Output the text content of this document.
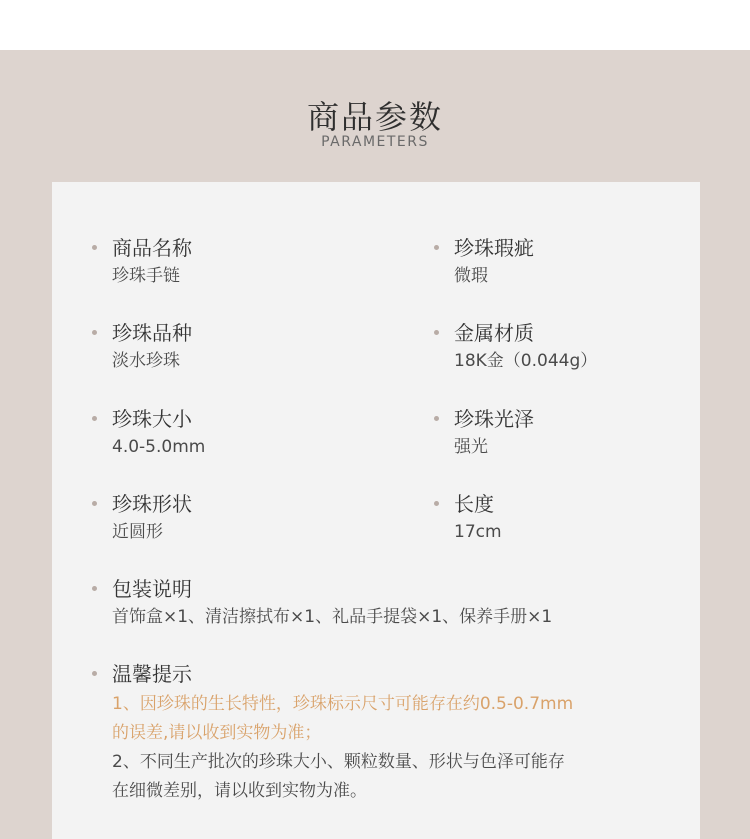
商品参数
PARAMETERS
商品名称
珍珠手链
珍珠瑕疵
微瑕
珍珠品种
淡水珍珠
金属材质
18K金（0.044g）
珍珠大小
4.0-5.0mm
珍珠光泽
强光
珍珠形状
近圆形
长度
17cm
包装说明
首饰盒×1、清洁擦拭布×1、礼品手提袋×1、保养手册×1
温馨提示
1、因珍珠的生长特性，珍珠标示尺寸可能存在约0.5-0.7mm
的误差,请以收到实物为准；
2、不同生产批次的珍珠大小、颗粒数量、形状与色泽可能存
在细微差别，请以收到实物为准。
